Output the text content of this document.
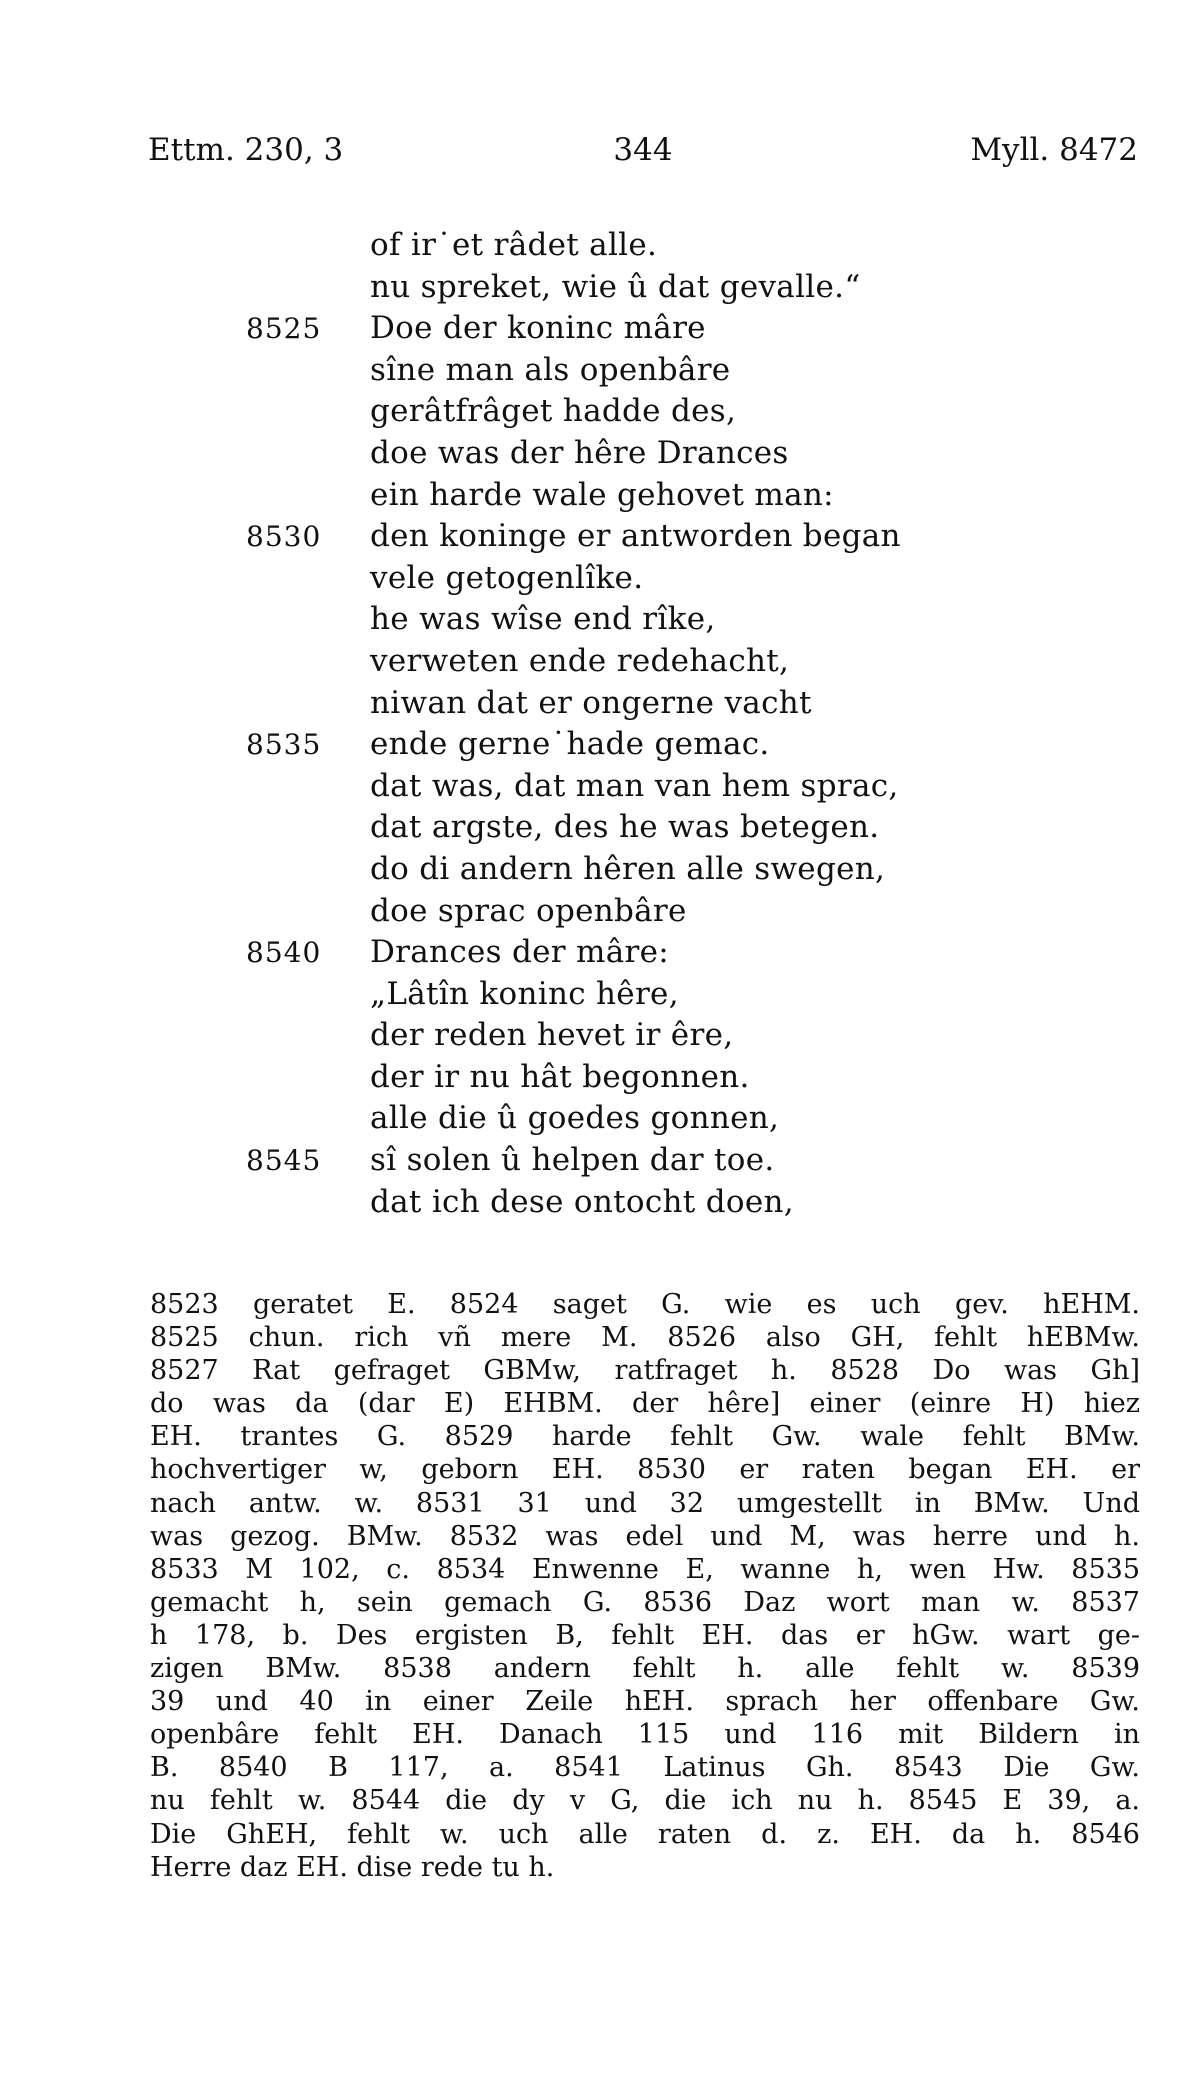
Ettm. 230, 3	344	Myll. 8472
of ir˙et râdet alle.
nu spreket, wie û dat gevalle.“
8525	Doe der koninc mâre
sîne man als openbâre
gerâtfrâget hadde des,
doe was der hêre Drances
ein harde wale gehovet man:
8530	den koninge er antworden began
vele getogenlîke.
he was wîse end rîke,
verweten ende redehacht,
niwan dat er ongerne vacht
8535	ende gerne˙hade gemac.
dat was, dat man van hem sprac,
dat argste, des he was betegen.
do di andern hêren alle swegen,
doe sprac openbâre
8540	Drances der mâre:
„Lâtîn koninc hêre,
der reden hevet ir êre,
der ir nu hât begonnen.
alle die û goedes gonnen,
8545	sî solen û helpen dar toe.
dat ich dese ontocht doen,
8523 geratet E. 8524 saget G. wie es uch gev. hEHM.
8525 chun. rich vñ mere M. 8526 also GH, fehlt hEBMw.
8527 Rat gefraget GBMw, ratfraget h. 8528 Do was Gh]
do was da (dar E) EHBM. der hêre] einer (einre H) hiez
EH. trantes G. 8529 harde fehlt Gw. wale fehlt BMw.
hochvertiger w, geborn EH. 8530 er raten began EH. er
nach antw. w. 8531 31 und 32 umgestellt in BMw. Und
was gezog. BMw. 8532 was edel und M, was herre und h.
8533 M 102, c. 8534 Enwenne E, wanne h, wen Hw. 8535
gemacht h, sein gemach G. 8536 Daz wort man w. 8537
h 178, b. Des ergisten B, fehlt EH. das er hGw. wart ge-
zigen BMw. 8538 andern fehlt h. alle fehlt w. 8539
39 und 40 in einer Zeile hEH. sprach her offenbare Gw.
openbâre fehlt EH. Danach 115 und 116 mit Bildern in
B. 8540 B 117, a. 8541 Latinus Gh. 8543 Die Gw.
nu fehlt w. 8544 die dy v G, die ich nu h. 8545 E 39, a.
Die GhEH, fehlt w. uch alle raten d. z. EH. da h. 8546
Herre daz EH. dise rede tu h.
